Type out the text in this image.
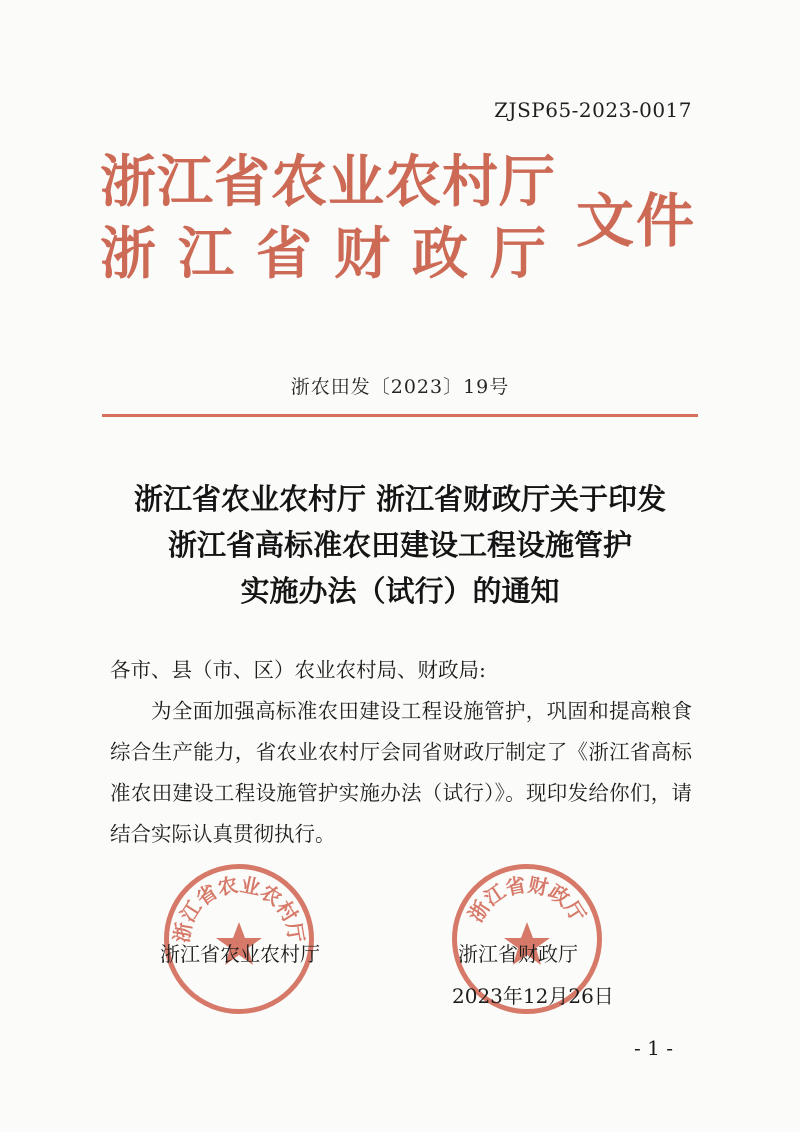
ZJSP65-2023-0017
浙江省农业农村厅
浙江省财政厅 文件
浙农田发〔2023〕19号
浙江省农业农村厅 浙江省财政厅关于印发
浙江省高标准农田建设工程设施管护
实施办法（试行）的通知
各市、县（市、区）农业农村局、财政局:
为全面加强高标准农田建设工程设施管护，巩固和提高粮食综合生产能力，省农业农村厅会同省财政厅制定了《浙江省高标准农田建设工程设施管护实施办法（试行）》。现印发给你们，请结合实际认真贯彻执行。
浙江省农业农村厅
浙江省财政厅
浙江省农业农村厅	浙江省财政厅
2023年12月26日
- 1 -
